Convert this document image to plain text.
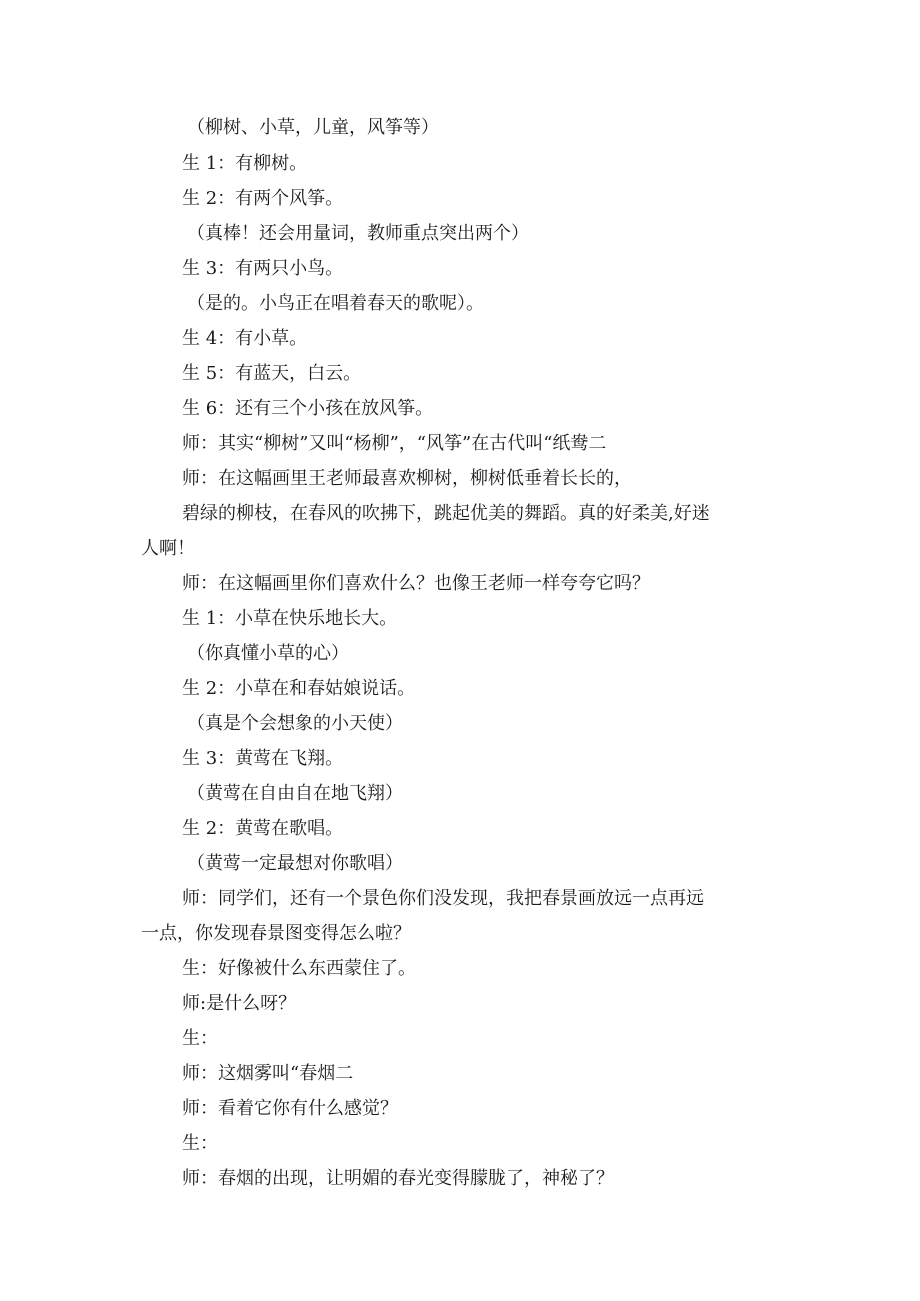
（柳树、小草，儿童，风筝等）

生 1：有柳树。

生 2：有两个风筝。

（真棒！还会用量词，教师重点突出两个）

生 3：有两只小鸟。

（是的。小鸟正在唱着春天的歌呢）。

生 4：有小草。

生 5：有蓝天，白云。

生 6：还有三个小孩在放风筝。

师：其实“柳树”又叫“杨柳”，“风筝”在古代叫“纸鸯二

师：在这幅画里王老师最喜欢柳树，柳树低垂着长长的，

碧绿的柳枝，在春风的吹拂下，跳起优美的舞蹈。真的好柔美,好迷

人啊！

师：在这幅画里你们喜欢什么？也像王老师一样夸夸它吗？

生 1：小草在快乐地长大。

（你真懂小草的心）

生 2：小草在和春姑娘说话。

（真是个会想象的小天使）

生 3：黄莺在飞翔。

（黄莺在自由自在地飞翔）

生 2：黄莺在歌唱。

（黄莺一定最想对你歌唱）

师：同学们，还有一个景色你们没发现，我把春景画放远一点再远

一点，你发现春景图变得怎么啦？

生：好像被什么东西蒙住了。

师:是什么呀？

生：

师：这烟雾叫“春烟二

师：看着它你有什么感觉？

生：

师：春烟的出现，让明媚的春光变得朦胧了，神秘了？
